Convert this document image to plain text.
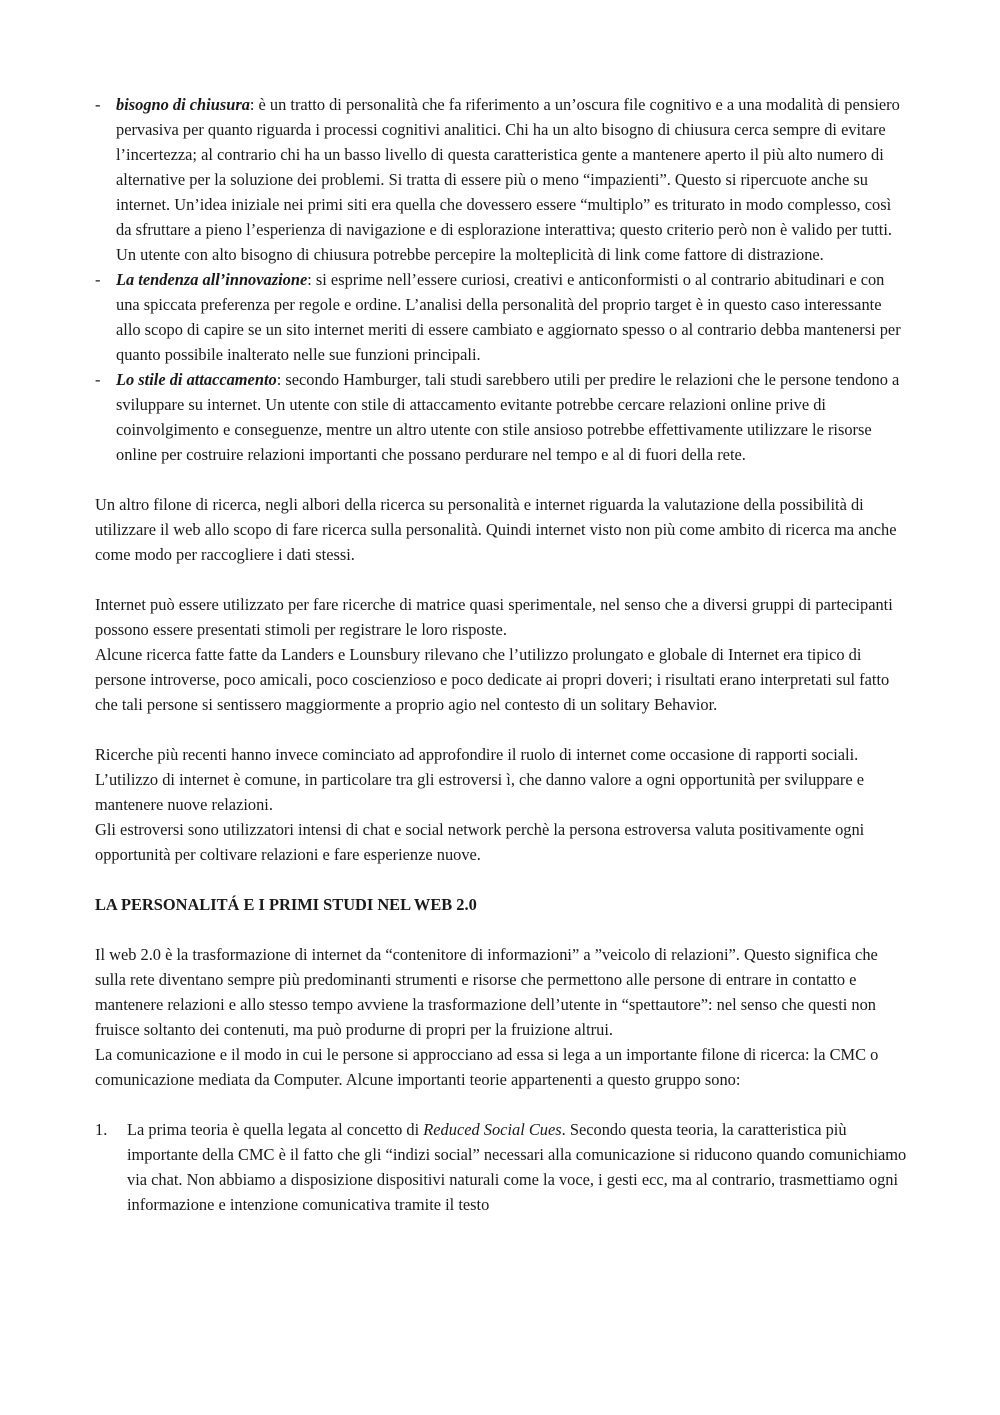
- bisogno di chiusura: è un tratto di personalità che fa riferimento a un’oscura file cognitivo e a una modalità di pensiero pervasiva per quanto riguarda i processi cognitivi analitici. Chi ha un alto bisogno di chiusura cerca sempre di evitare l’incertezza; al contrario chi ha un basso livello di questa caratteristica gente a mantenere aperto il più alto numero di alternative per la soluzione dei problemi. Si tratta di essere più o meno “impazienti”. Questo si ripercuote anche su internet. Un’idea iniziale nei primi siti era quella che dovessero essere “multiplo” es triturato in modo complesso, così da sfruttare a pieno l’esperienza di navigazione e di esplorazione interattiva; questo criterio però non è valido per tutti. Un utente con alto bisogno di chiusura potrebbe percepire la molteplicità di link come fattore di distrazione.
- La tendenza all’innovazione: si esprime nell’essere curiosi, creativi e anticonformisti o al contrario abitudinari e con una spiccata preferenza per regole e ordine. L’analisi della personalità del proprio target è in questo caso interessante allo scopo di capire se un sito internet meriti di essere cambiato e aggiornato spesso o al contrario debba mantenersi per quanto possibile inalterato nelle sue funzioni principali.
- Lo stile di attaccamento: secondo Hamburger, tali studi sarebbero utili per predire le relazioni che le persone tendono a sviluppare su internet. Un utente con stile di attaccamento evitante potrebbe cercare relazioni online prive di coinvolgimento e conseguenze, mentre un altro utente con stile ansioso potrebbe effettivamente utilizzare le risorse online per costruire relazioni importanti che possano perdurare nel tempo e al di fuori della rete.

Un altro filone di ricerca, negli albori della ricerca su personalità e internet riguarda la valutazione della possibilità di utilizzare il web allo scopo di fare ricerca sulla personalità. Quindi internet visto non più come ambito di ricerca ma anche come modo per raccogliere i dati stessi.

Internet può essere utilizzato per fare ricerche di matrice quasi sperimentale, nel senso che a diversi gruppi di partecipanti possono essere presentati stimoli per registrare le loro risposte.

Alcune ricerca fatte fatte da Landers e Lounsbury rilevano che l’utilizzo prolungato e globale di Internet era tipico di persone introverse, poco amicali, poco coscienzioso e poco dedicate ai propri doveri; i risultati erano interpretati sul fatto che tali persone si sentissero maggiormente a proprio agio nel contesto di un solitary Behavior.

Ricerche più recenti hanno invece cominciato ad approfondire il ruolo di internet come occasione di rapporti sociali. L’utilizzo di internet è comune, in particolare tra gli estroversi ì, che danno valore a ogni opportunità per sviluppare e mantenere nuove relazioni.

Gli estroversi sono utilizzatori intensi di chat e social network perchè la persona estroversa valuta positivamente ogni opportunità per coltivare relazioni e fare esperienze nuove.

LA PERSONALITÁ E I PRIMI STUDI NEL WEB 2.0

Il web 2.0 è la trasformazione di internet da “contenitore di informazioni” a ”veicolo di relazioni”. Questo significa che sulla rete diventano sempre più predominanti strumenti e risorse che permettono alle persone di entrare in contatto e mantenere relazioni e allo stesso tempo avviene la trasformazione dell’utente in “spettautore”: nel senso che questi non fruisce soltanto dei contenuti, ma può produrne di propri per la fruizione altrui.

La comunicazione e il modo in cui le persone si approcciano ad essa si lega a un importante filone di ricerca: la CMC o comunicazione mediata da Computer. Alcune importanti teorie appartenenti a questo gruppo sono:

1. La prima teoria è quella legata al concetto di Reduced Social Cues. Secondo questa teoria, la caratteristica più importante della CMC è il fatto che gli “indizi social” necessari alla comunicazione si riducono quando comunichiamo via chat. Non abbiamo a disposizione dispositivi naturali come la voce, i gesti ecc, ma al contrario, trasmettiamo ogni informazione e intenzione comunicativa tramite il testo
